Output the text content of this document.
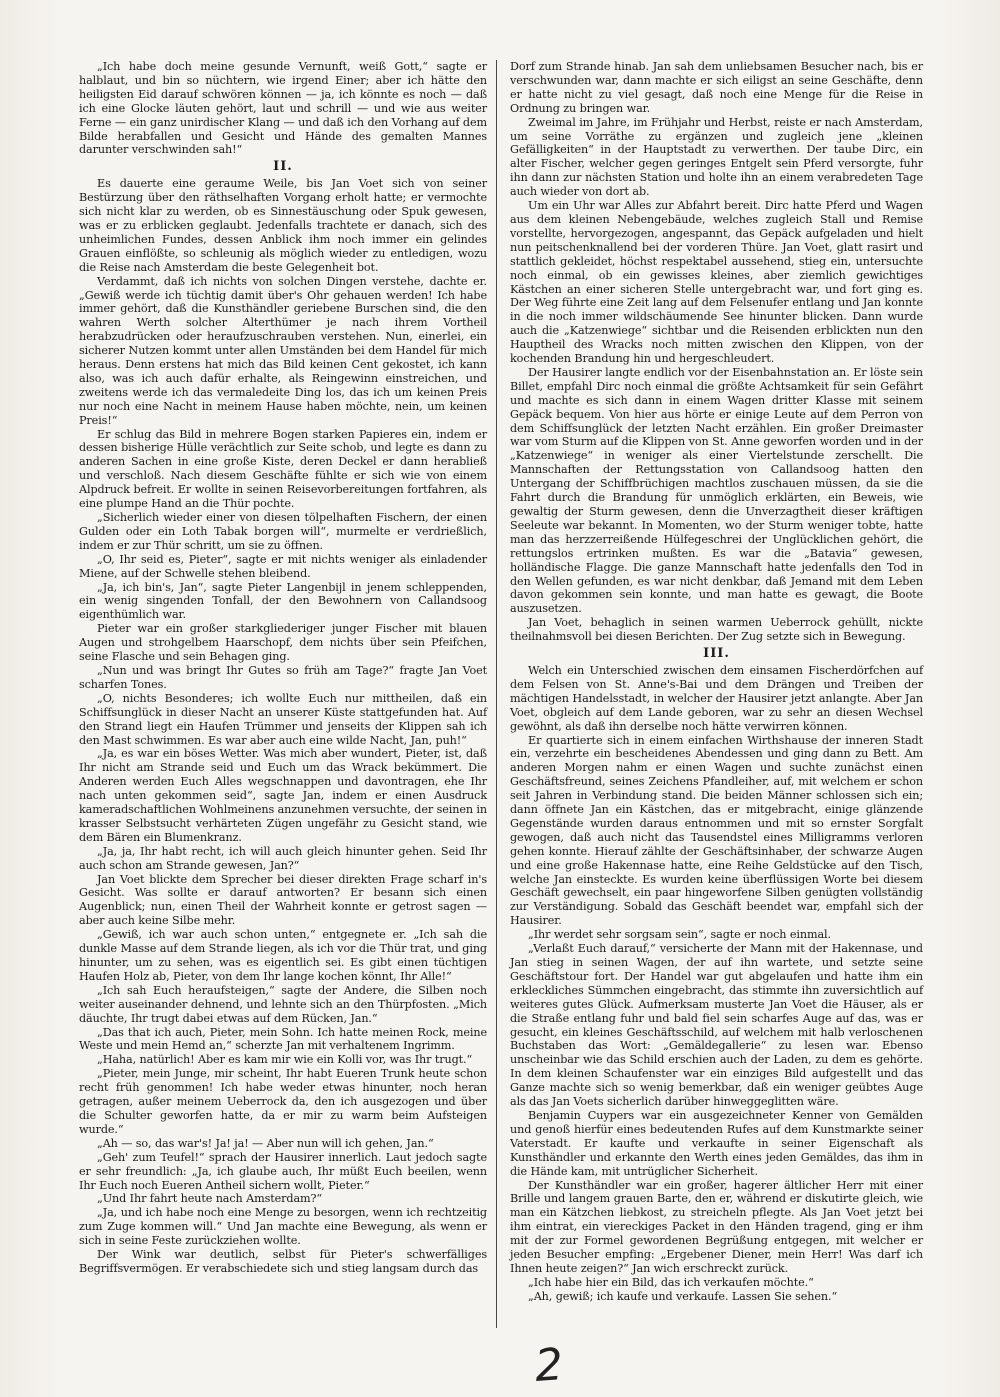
„Ich habe doch meine gesunde Vernunft, weiß Gott,“ sagte er halblaut, und bin so nüchtern, wie irgend Einer; aber ich hätte den heiligsten Eid darauf schwören können — ja, ich könnte es noch — daß ich eine Glocke läuten gehört, laut und schrill — und wie aus weiter Ferne — ein ganz unirdischer Klang — und daß ich den Vorhang auf dem Bilde herabfallen und Gesicht und Hände des gemalten Mannes darunter verschwinden sah!“

II.

Es dauerte eine geraume Weile, bis Jan Voet sich von seiner Bestürzung über den räthselhaften Vorgang erholt hatte; er vermochte sich nicht klar zu werden, ob es Sinnestäuschung oder Spuk gewesen, was er zu erblicken geglaubt. Jedenfalls trachtete er danach, sich des unheimlichen Fundes, dessen Anblick ihm noch immer ein gelindes Grauen einflößte, so schleunig als möglich wieder zu entledigen, wozu die Reise nach Amsterdam die beste Gelegenheit bot.

Verdammt, daß ich nichts von solchen Dingen verstehe, dachte er. „Gewiß werde ich tüchtig damit über's Ohr gehauen werden! Ich habe immer gehört, daß die Kunsthändler geriebene Burschen sind, die den wahren Werth solcher Alterthümer je nach ihrem Vortheil herabzudrücken oder heraufzuschrauben verstehen. Nun, einerlei, ein sicherer Nutzen kommt unter allen Umständen bei dem Handel für mich heraus. Denn erstens hat mich das Bild keinen Cent gekostet, ich kann also, was ich auch dafür erhalte, als Reingewinn einstreichen, und zweitens werde ich das vermaledeite Ding los, das ich um keinen Preis nur noch eine Nacht in meinem Hause haben möchte, nein, um keinen Preis!“

Er schlug das Bild in mehrere Bogen starken Papieres ein, indem er dessen bisherige Hülle verächtlich zur Seite schob, und legte es dann zu anderen Sachen in eine große Kiste, deren Deckel er dann herabließ und verschloß. Nach diesem Geschäfte fühlte er sich wie von einem Alpdruck befreit. Er wollte in seinen Reisevorbereitungen fortfahren, als eine plumpe Hand an die Thür pochte.

„Sicherlich wieder einer von diesen tölpelhaften Fischern, der einen Gulden oder ein Loth Tabak borgen will“, murmelte er verdrießlich, indem er zur Thür schritt, um sie zu öffnen.

„O, Ihr seid es, Pieter“, sagte er mit nichts weniger als einladender Miene, auf der Schwelle stehen bleibend.

„Ja, ich bin's, Jan“, sagte Pieter Langenbijl in jenem schleppenden, ein wenig singenden Tonfall, der den Bewohnern von Callandsoog eigenthümlich war.

Pieter war ein großer starkgliederiger junger Fischer mit blauen Augen und strohgelbem Haarschopf, dem nichts über sein Pfeifchen, seine Flasche und sein Behagen ging.

„Nun und was bringt Ihr Gutes so früh am Tage?“ fragte Jan Voet scharfen Tones.

„O, nichts Besonderes; ich wollte Euch nur mittheilen, daß ein Schiffsunglück in dieser Nacht an unserer Küste stattgefunden hat. Auf den Strand liegt ein Haufen Trümmer und jenseits der Klippen sah ich den Mast schwimmen. Es war aber auch eine wilde Nacht, Jan, puh!“

„Ja, es war ein böses Wetter. Was mich aber wundert, Pieter, ist, daß Ihr nicht am Strande seid und Euch um das Wrack bekümmert. Die Anderen werden Euch Alles wegschnappen und davontragen, ehe Ihr nach unten gekommen seid“, sagte Jan, indem er einen Ausdruck kameradschaftlichen Wohlmeinens anzunehmen versuchte, der seinen in krasser Selbstsucht verhärteten Zügen ungefähr zu Gesicht stand, wie dem Bären ein Blumenkranz.

„Ja, ja, Ihr habt recht, ich will auch gleich hinunter gehen. Seid Ihr auch schon am Strande gewesen, Jan?“

Jan Voet blickte dem Sprecher bei dieser direkten Frage scharf in's Gesicht. Was sollte er darauf antworten? Er besann sich einen Augenblick; nun, einen Theil der Wahrheit konnte er getrost sagen — aber auch keine Silbe mehr.

„Gewiß, ich war auch schon unten,“ entgegnete er. „Ich sah die dunkle Masse auf dem Strande liegen, als ich vor die Thür trat, und ging hinunter, um zu sehen, was es eigentlich sei. Es gibt einen tüchtigen Haufen Holz ab, Pieter, von dem Ihr lange kochen könnt, Ihr Alle!“

„Ich sah Euch heraufsteigen,“ sagte der Andere, die Silben noch weiter auseinander dehnend, und lehnte sich an den Thürpfosten. „Mich däuchte, Ihr trugt dabei etwas auf dem Rücken, Jan.“

„Das that ich auch, Pieter, mein Sohn. Ich hatte meinen Rock, meine Weste und mein Hemd an,“ scherzte Jan mit verhaltenem Ingrimm.

„Haha, natürlich! Aber es kam mir wie ein Kolli vor, was Ihr trugt.“

„Pieter, mein Junge, mir scheint, Ihr habt Eueren Trunk heute schon recht früh genommen! Ich habe weder etwas hinunter, noch heran getragen, außer meinem Ueberrock da, den ich ausgezogen und über die Schulter geworfen hatte, da er mir zu warm beim Aufsteigen wurde.“

„Ah — so, das war's! Ja! ja! — Aber nun will ich gehen, Jan.“

„Geh' zum Teufel!“ sprach der Hausirer innerlich. Laut jedoch sagte er sehr freundlich: „Ja, ich glaube auch, Ihr müßt Euch beeilen, wenn Ihr Euch noch Eueren Antheil sichern wollt, Pieter.“

„Und Ihr fahrt heute nach Amsterdam?“

„Ja, und ich habe noch eine Menge zu besorgen, wenn ich rechtzeitig zum Zuge kommen will.“ Und Jan machte eine Bewegung, als wenn er sich in seine Feste zurückziehen wollte.

Der Wink war deutlich, selbst für Pieter's schwerfälliges Begriffsvermögen. Er verabschiedete sich und stieg langsam durch das

Dorf zum Strande hinab. Jan sah dem unliebsamen Besucher nach, bis er verschwunden war, dann machte er sich eiligst an seine Geschäfte, denn er hatte nicht zu viel gesagt, daß noch eine Menge für die Reise in Ordnung zu bringen war.

Zweimal im Jahre, im Frühjahr und Herbst, reiste er nach Amsterdam, um seine Vorräthe zu ergänzen und zugleich jene „kleinen Gefälligkeiten“ in der Hauptstadt zu verwerthen. Der taube Dirc, ein alter Fischer, welcher gegen geringes Entgelt sein Pferd versorgte, fuhr ihn dann zur nächsten Station und holte ihn an einem verabredeten Tage auch wieder von dort ab.

Um ein Uhr war Alles zur Abfahrt bereit. Dirc hatte Pferd und Wagen aus dem kleinen Nebengebäude, welches zugleich Stall und Remise vorstellte, hervorgezogen, angespannt, das Gepäck aufgeladen und hielt nun peitschenknallend bei der vorderen Thüre. Jan Voet, glatt rasirt und stattlich gekleidet, höchst respektabel aussehend, stieg ein, untersuchte noch einmal, ob ein gewisses kleines, aber ziemlich gewichtiges Kästchen an einer sicheren Stelle untergebracht war, und fort ging es. Der Weg führte eine Zeit lang auf dem Felsenufer entlang und Jan konnte in die noch immer wildschäumende See hinunter blicken. Dann wurde auch die „Katzenwiege“ sichtbar und die Reisenden erblickten nun den Hauptheil des Wracks noch mitten zwischen den Klippen, von der kochenden Brandung hin und hergeschleudert.

Der Hausirer langte endlich vor der Eisenbahnstation an. Er löste sein Billet, empfahl Dirc noch einmal die größte Achtsamkeit für sein Gefährt und machte es sich dann in einem Wagen dritter Klasse mit seinem Gepäck bequem. Von hier aus hörte er einige Leute auf dem Perron von dem Schiffsunglück der letzten Nacht erzählen. Ein großer Dreimaster war vom Sturm auf die Klippen von St. Anne geworfen worden und in der „Katzenwiege“ in weniger als einer Viertelstunde zerschellt. Die Mannschaften der Rettungsstation von Callandsoog hatten den Untergang der Schiffbrüchigen machtlos zuschauen müssen, da sie die Fahrt durch die Brandung für unmöglich erklärten, ein Beweis, wie gewaltig der Sturm gewesen, denn die Unverzagtheit dieser kräftigen Seeleute war bekannt. In Momenten, wo der Sturm weniger tobte, hatte man das herzzerreißende Hülfegeschrei der Unglücklichen gehört, die rettungslos ertrinken mußten. Es war die „Batavia“ gewesen, holländische Flagge. Die ganze Mannschaft hatte jedenfalls den Tod in den Wellen gefunden, es war nicht denkbar, daß Jemand mit dem Leben davon gekommen sein konnte, und man hatte es gewagt, die Boote auszusetzen.

Jan Voet, behaglich in seinen warmen Ueberrock gehüllt, nickte theilnahmsvoll bei diesen Berichten. Der Zug setzte sich in Bewegung.

III.

Welch ein Unterschied zwischen dem einsamen Fischerdörfchen auf dem Felsen von St. Anne's-Bai und dem Drängen und Treiben der mächtigen Handelsstadt, in welcher der Hausirer jetzt anlangte. Aber Jan Voet, obgleich auf dem Lande geboren, war zu sehr an diesen Wechsel gewöhnt, als daß ihn derselbe noch hätte verwirren können.

Er quartierte sich in einem einfachen Wirthshause der inneren Stadt ein, verzehrte ein bescheidenes Abendessen und ging dann zu Bett. Am anderen Morgen nahm er einen Wagen und suchte zunächst einen Geschäftsfreund, seines Zeichens Pfandleiher, auf, mit welchem er schon seit Jahren in Verbindung stand. Die beiden Männer schlossen sich ein; dann öffnete Jan ein Kästchen, das er mitgebracht, einige glänzende Gegenstände wurden daraus entnommen und mit so ernster Sorgfalt gewogen, daß auch nicht das Tausendstel eines Milligramms verloren gehen konnte. Hierauf zählte der Geschäftsinhaber, der schwarze Augen und eine große Hakennase hatte, eine Reihe Geldstücke auf den Tisch, welche Jan einsteckte. Es wurden keine überflüssigen Worte bei diesem Geschäft gewechselt, ein paar hingeworfene Silben genügten vollständig zur Verständigung. Sobald das Geschäft beendet war, empfahl sich der Hausirer.

„Ihr werdet sehr sorgsam sein“, sagte er noch einmal.

„Verlaßt Euch darauf,“ versicherte der Mann mit der Hakennase, und Jan stieg in seinen Wagen, der auf ihn wartete, und setzte seine Geschäftstour fort. Der Handel war gut abgelaufen und hatte ihm ein erkleckliches Sümmchen eingebracht, das stimmte ihn zuversichtlich auf weiteres gutes Glück. Aufmerksam musterte Jan Voet die Häuser, als er die Straße entlang fuhr und bald fiel sein scharfes Auge auf das, was er gesucht, ein kleines Geschäftsschild, auf welchem mit halb verloschenen Buchstaben das Wort: „Gemäldegallerie“ zu lesen war. Ebenso unscheinbar wie das Schild erschien auch der Laden, zu dem es gehörte. In dem kleinen Schaufenster war ein einziges Bild aufgestellt und das Ganze machte sich so wenig bemerkbar, daß ein weniger geübtes Auge als das Jan Voets sicherlich darüber hinweggeglitten wäre.

Benjamin Cuypers war ein ausgezeichneter Kenner von Gemälden und genoß hierfür eines bedeutenden Rufes auf dem Kunstmarkte seiner Vaterstadt. Er kaufte und verkaufte in seiner Eigenschaft als Kunsthändler und erkannte den Werth eines jeden Gemäldes, das ihm in die Hände kam, mit untrüglicher Sicherheit.

Der Kunsthändler war ein großer, hagerer ältlicher Herr mit einer Brille und langem grauen Barte, den er, während er diskutirte gleich, wie man ein Kätzchen liebkost, zu streicheln pflegte. Als Jan Voet jetzt bei ihm eintrat, ein viereckiges Packet in den Händen tragend, ging er ihm mit der zur Formel gewordenen Begrüßung entgegen, mit welcher er jeden Besucher empfing: „Ergebener Diener, mein Herr! Was darf ich Ihnen heute zeigen?“ Jan wich erschreckt zurück.

„Ich habe hier ein Bild, das ich verkaufen möchte.“

„Ah, gewiß; ich kaufe und verkaufe. Lassen Sie sehen.“

2
